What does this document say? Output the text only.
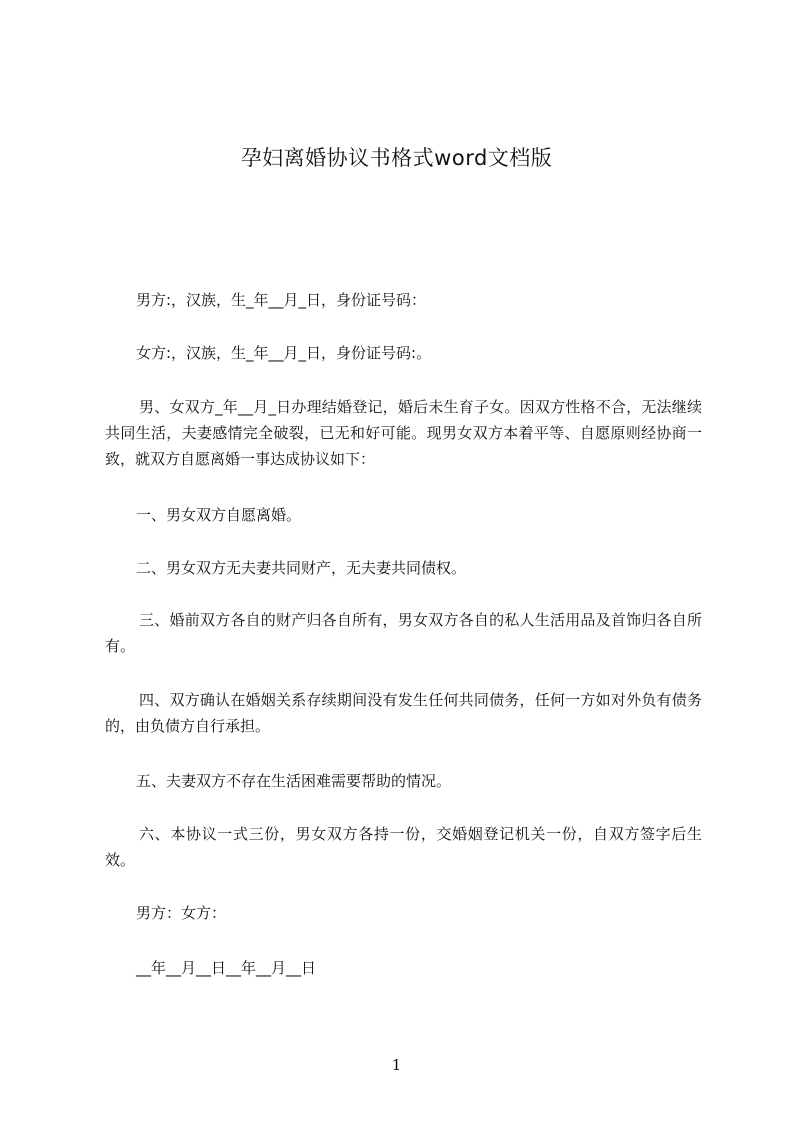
孕妇离婚协议书格式word文档版

男方:，汉族，生_年__月_日，身份证号码：

女方:，汉族，生_年__月_日，身份证号码:。

男、女双方_年__月_日办理结婚登记，婚后未生育子女。因双方性格不合，无法继续共同生活，夫妻感情完全破裂，已无和好可能。现男女双方本着平等、自愿原则经协商一致，就双方自愿离婚一事达成协议如下：

一、男女双方自愿离婚。

二、男女双方无夫妻共同财产，无夫妻共同债权。

三、婚前双方各自的财产归各自所有，男女双方各自的私人生活用品及首饰归各自所有。

四、双方确认在婚姻关系存续期间没有发生任何共同债务，任何一方如对外负有债务的，由负债方自行承担。

五、夫妻双方不存在生活困难需要帮助的情况。

六、本协议一式三份，男女双方各持一份，交婚姻登记机关一份，自双方签字后生效。

男方：女方：

__年__月__日__年__月__日

1
